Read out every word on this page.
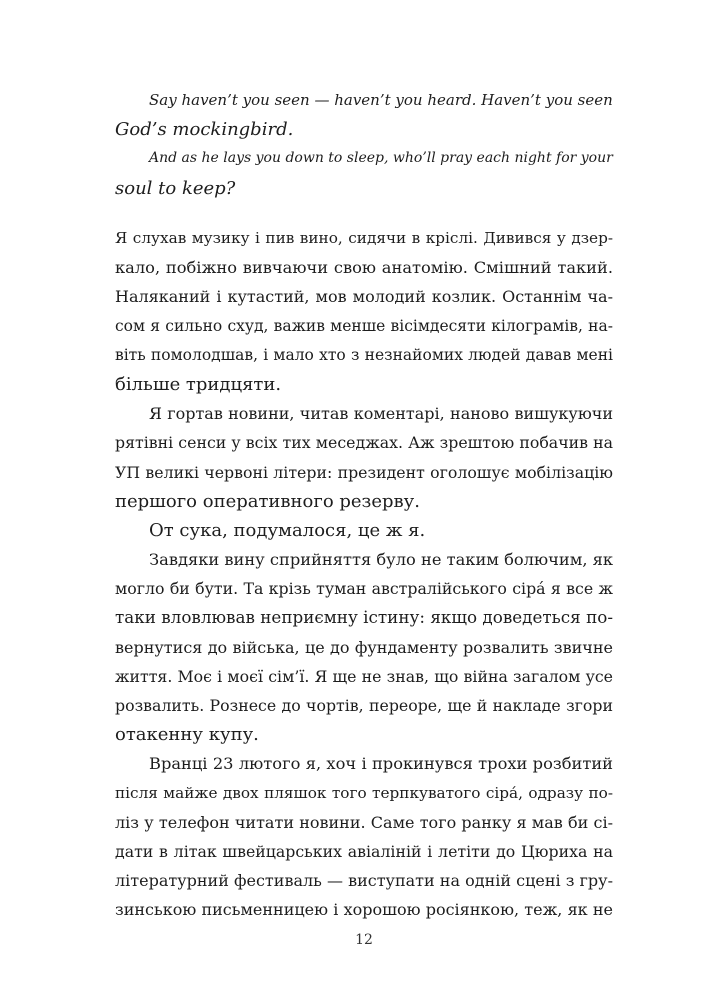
Say haven’t you seen — haven’t you heard. Haven’t you seen
God’s mockingbird.
And as he lays you down to sleep, who’ll pray each night for your
soul to keep?
Я слухав музику і пив вино, сидячи в кріслі. Дивився у дзер-
кало, побіжно вивчаючи свою анатомію. Смішний такий.
Наляканий і кутастий, мов молодий козлик. Останнім ча-
сом я сильно схуд, важив менше вісімдесяти кілограмів, на-
віть помолодшав, і мало хто з незнайомих людей давав мені
більше тридцяти.
Я гортав новини, читав коментарі, наново вишукуючи
рятівні сенси у всіх тих меседжах. Аж зрештою побачив на
УП великі червоні літери: президент оголошує мобілізацію
першого оперативного резерву.
От сука, подумалося, це ж я.
Завдяки вину сприйняття було не таким болючим, як
могло би бути. Та крізь туман австралійського сіра́ я все ж
таки вловлював неприємну істину: якщо доведеться по-
вернутися до війська, це до фундаменту розвалить звичне
життя. Моє і моєї сім’ї. Я ще не знав, що війна загалом усе
розвалить. Рознесе до чортів, переоре, ще й накладе згори
отакенну купу.
Вранці 23 лютого я, хоч і прокинувся трохи розбитий
після майже двох пляшок того терпкуватого сіра́, одразу по-
ліз у телефон читати новини. Саме того ранку я мав би сі-
дати в літак швейцарських авіаліній і летіти до Цюриха на
літературний фестиваль — виступати на одній сцені з гру-
зинською письменницею і хорошою росіянкою, теж, як не
12
